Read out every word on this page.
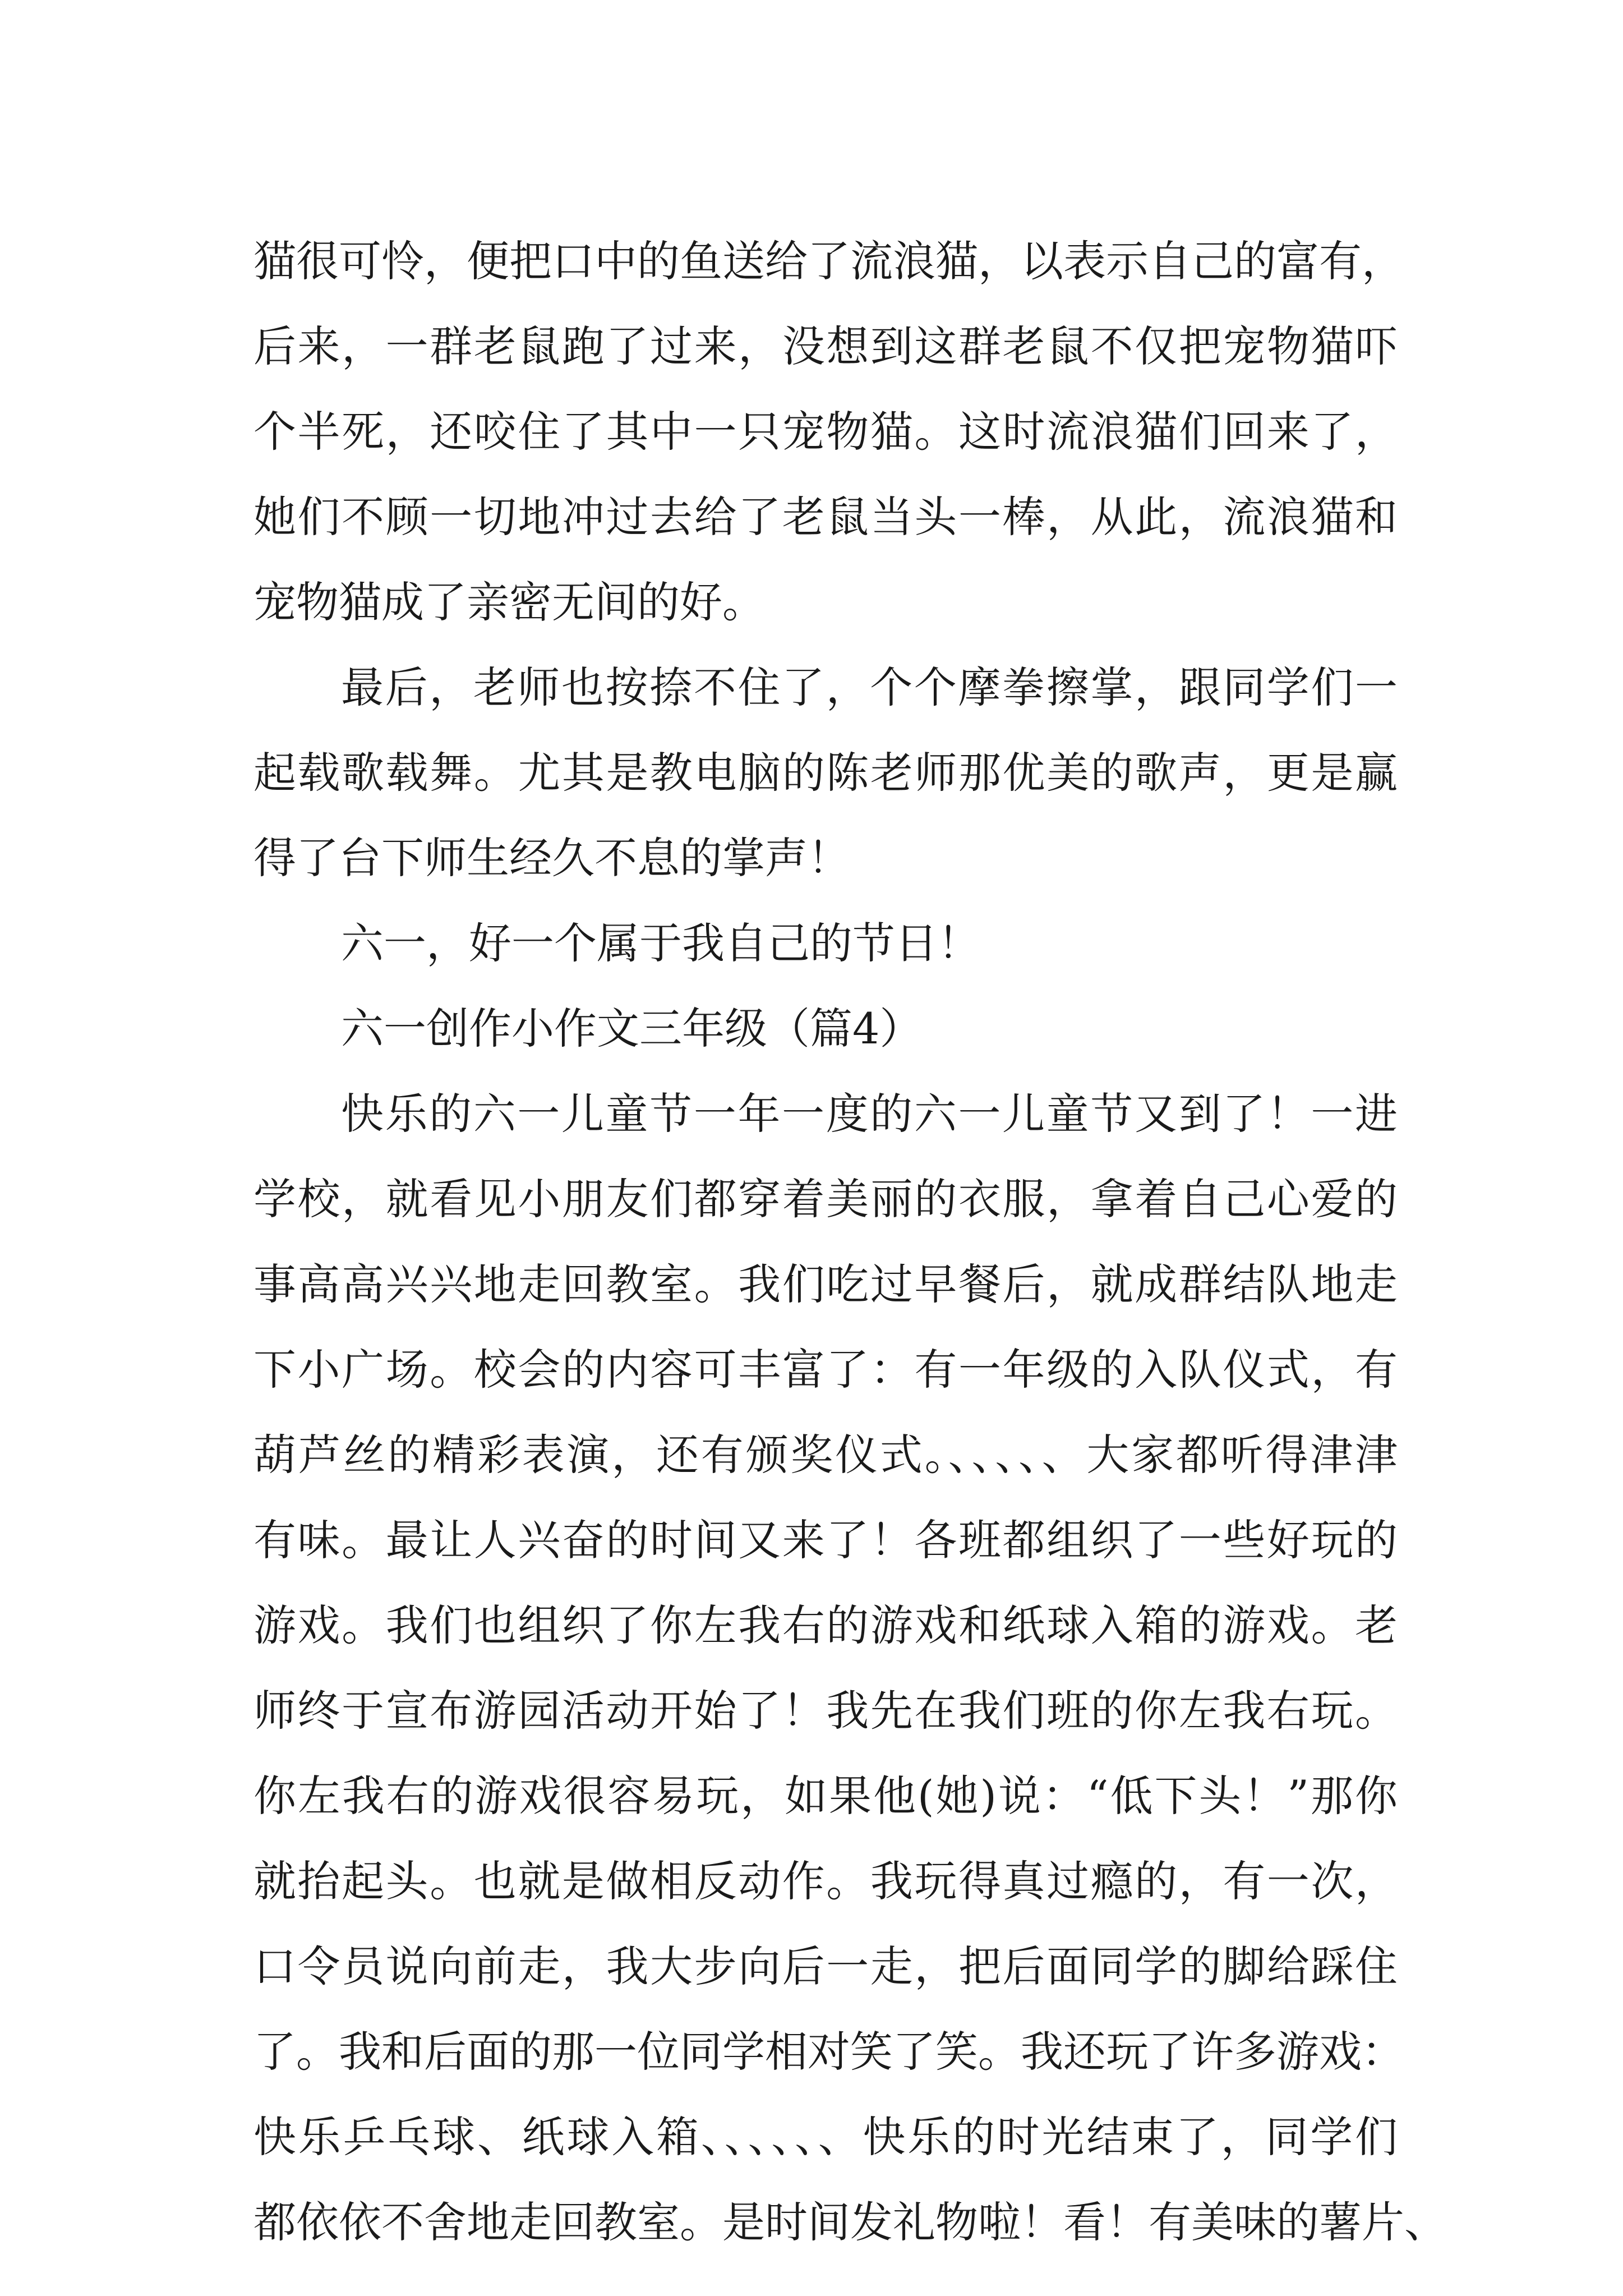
猫很可怜，便把口中的鱼送给了流浪猫，以表示自己的富有，
后来，一群老鼠跑了过来，没想到这群老鼠不仅把宠物猫吓
个半死，还咬住了其中一只宠物猫。这时流浪猫们回来了，
她们不顾一切地冲过去给了老鼠当头一棒，从此，流浪猫和
宠物猫成了亲密无间的好。
最后，老师也按捺不住了，个个摩拳擦掌，跟同学们一
起载歌载舞。尤其是教电脑的陈老师那优美的歌声，更是赢
得了台下师生经久不息的掌声！
六一，好一个属于我自己的节日！
六一创作小作文三年级（篇4）
快乐的六一儿童节一年一度的六一儿童节又到了！一进
学校，就看见小朋友们都穿着美丽的衣服，拿着自己心爱的
事高高兴兴地走回教室。我们吃过早餐后，就成群结队地走
下小广场。校会的内容可丰富了：有一年级的入队仪式，有
葫芦丝的精彩表演，还有颁奖仪式。、、、、、大家都听得津津
有味。最让人兴奋的时间又来了！各班都组织了一些好玩的
游戏。我们也组织了你左我右的游戏和纸球入箱的游戏。老
师终于宣布游园活动开始了！我先在我们班的你左我右玩。
你左我右的游戏很容易玩，如果他(她)说：“低下头！”那你
就抬起头。也就是做相反动作。我玩得真过瘾的，有一次，
口令员说向前走，我大步向后一走，把后面同学的脚给踩住
了。我和后面的那一位同学相对笑了笑。我还玩了许多游戏：
快乐乒乓球、纸球入箱、、、、、、快乐的时光结束了，同学们
都依依不舍地走回教室。是时间发礼物啦！看！有美味的薯片、
